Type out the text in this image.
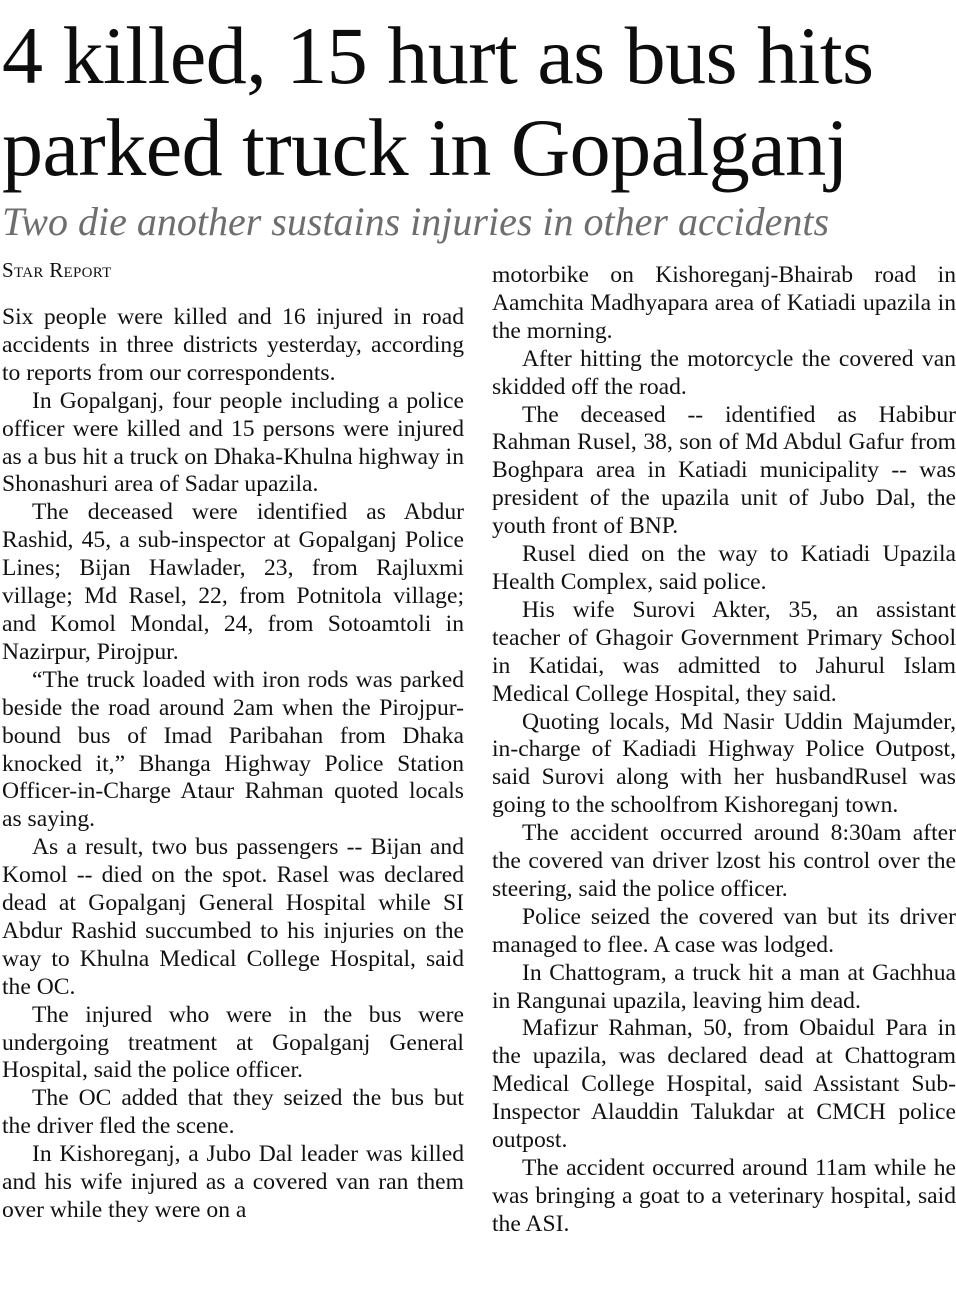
4 killed, 15 hurt as bus hits
parked truck in Gopalganj
Two die another sustains injuries in other accidents
Star Report

Six people were killed and 16 injured in road accidents in three districts yesterday, according to reports from our correspondents.

In Gopalganj, four people including a police officer were killed and 15 persons were injured as a bus hit a truck on Dhaka-Khulna highway in Shonashuri area of Sadar upazila.

The deceased were identified as Abdur Rashid, 45, a sub-inspector at Gopalganj Police Lines; Bijan Hawlader, 23, from Rajluxmi village; Md Rasel, 22, from Potnitola village; and Komol Mondal, 24, from Sotoamtoli in Nazirpur, Pirojpur.

“The truck loaded with iron rods was parked beside the road around 2am when the Pirojpur-bound bus of Imad Paribahan from Dhaka knocked it,” Bhanga Highway Police Station Officer-in-Charge Ataur Rahman quoted locals as saying.

As a result, two bus passengers -- Bijan and Komol -- died on the spot. Rasel was declared dead at Gopalganj General Hospital while SI Abdur Rashid succumbed to his injuries on the way to Khulna Medical College Hospital, said the OC.

The injured who were in the bus were undergoing treatment at Gopalganj General Hospital, said the police officer.

The OC added that they seized the bus but the driver fled the scene.

In Kishoreganj, a Jubo Dal leader was killed and his wife injured as a covered van ran them over while they were on a

motorbike on Kishoreganj-Bhairab road in Aamchita Madhyapara area of Katiadi upazila in the morning.

After hitting the motorcycle the covered van skidded off the road.

The deceased -- identified as Habibur Rahman Rusel, 38, son of Md Abdul Gafur from Boghpara area in Katiadi municipality -- was president of the upazila unit of Jubo Dal, the youth front of BNP.

Rusel died on the way to Katiadi Upazila Health Complex, said police.

His wife Surovi Akter, 35, an assistant teacher of Ghagoir Government Primary School in Katidai, was admitted to Jahurul Islam Medical College Hospital, they said.

Quoting locals, Md Nasir Uddin Majumder, in-charge of Kadiadi Highway Police Outpost, said Surovi along with her husbandRusel was going to the schoolfrom Kishoreganj town.

The accident occurred around 8:30am after the covered van driver lzost his control over the steering, said the police officer.

Police seized the covered van but its driver managed to flee. A case was lodged.

In Chattogram, a truck hit a man at Gachhua in Rangunai upazila, leaving him dead.

Mafizur Rahman, 50, from Obaidul Para in the upazila, was declared dead at Chattogram Medical College Hospital, said Assistant Sub-Inspector Alauddin Talukdar at CMCH police outpost.

The accident occurred around 11am while he was bringing a goat to a veterinary hospital, said the ASI.
